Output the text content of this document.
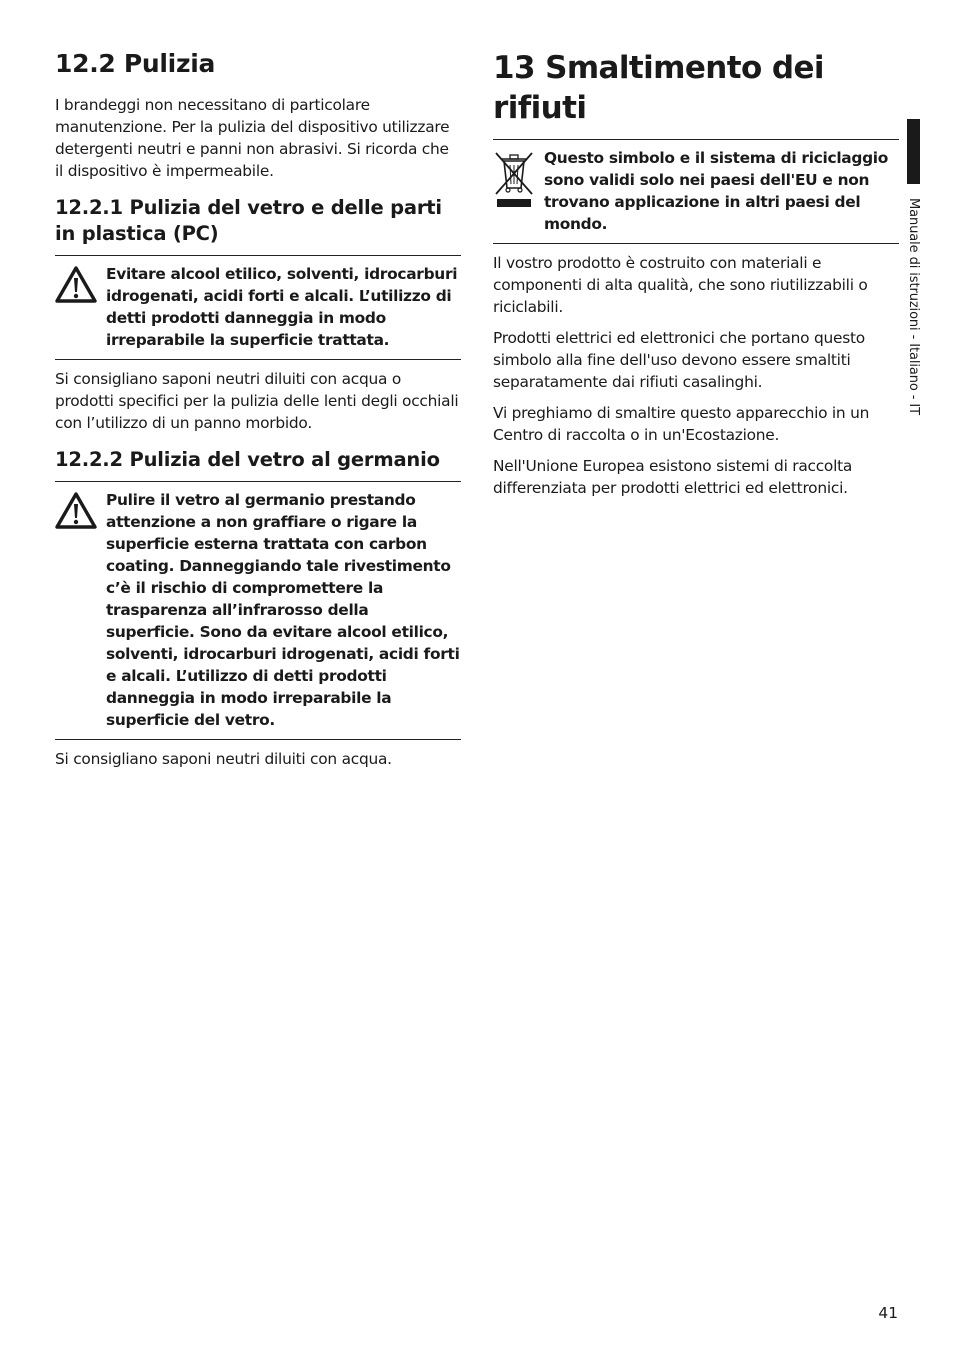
12.2 Pulizia

I brandeggi non necessitano di particolare manutenzione. Per la pulizia del dispositivo utilizzare detergenti neutri e panni non abrasivi. Si ricorda che il dispositivo è impermeabile.

12.2.1 Pulizia del vetro e delle parti in plastica (PC)
Evitare alcool etilico, solventi, idrocarburi idrogenati, acidi forti e alcali. L’utilizzo di detti prodotti danneggia in modo irreparabile la superficie trattata.

Si consigliano saponi neutri diluiti con acqua o prodotti specifici per la pulizia delle lenti degli occhiali con l’utilizzo di un panno morbido.

12.2.2 Pulizia del vetro al germanio
Pulire il vetro al germanio prestando attenzione a non graffiare o rigare la superficie esterna trattata con carbon coating. Danneggiando tale rivestimento c’è il rischio di compromettere la trasparenza all’infrarosso della superficie. Sono da evitare alcool etilico, solventi, idrocarburi idrogenati, acidi forti e alcali. L’utilizzo di detti prodotti danneggia in modo irreparabile la superficie del vetro.

Si consigliano saponi neutri diluiti con acqua.

13 Smaltimento dei rifiuti
Questo simbolo e il sistema di riciclaggio sono validi solo nei paesi dell'EU e non trovano applicazione in altri paesi del mondo.

Il vostro prodotto è costruito con materiali e componenti di alta qualità, che sono riutilizzabili o riciclabili.

Prodotti elettrici ed elettronici che portano questo simbolo alla fine dell'uso devono essere smaltiti separatamente dai rifiuti casalinghi.

Vi preghiamo di smaltire questo apparecchio in un Centro di raccolta o in un'Ecostazione.

Nell'Unione Europea esistono sistemi di raccolta differenziata per prodotti elettrici ed elettronici.

Manuale di istruzioni - Italiano - IT
41
